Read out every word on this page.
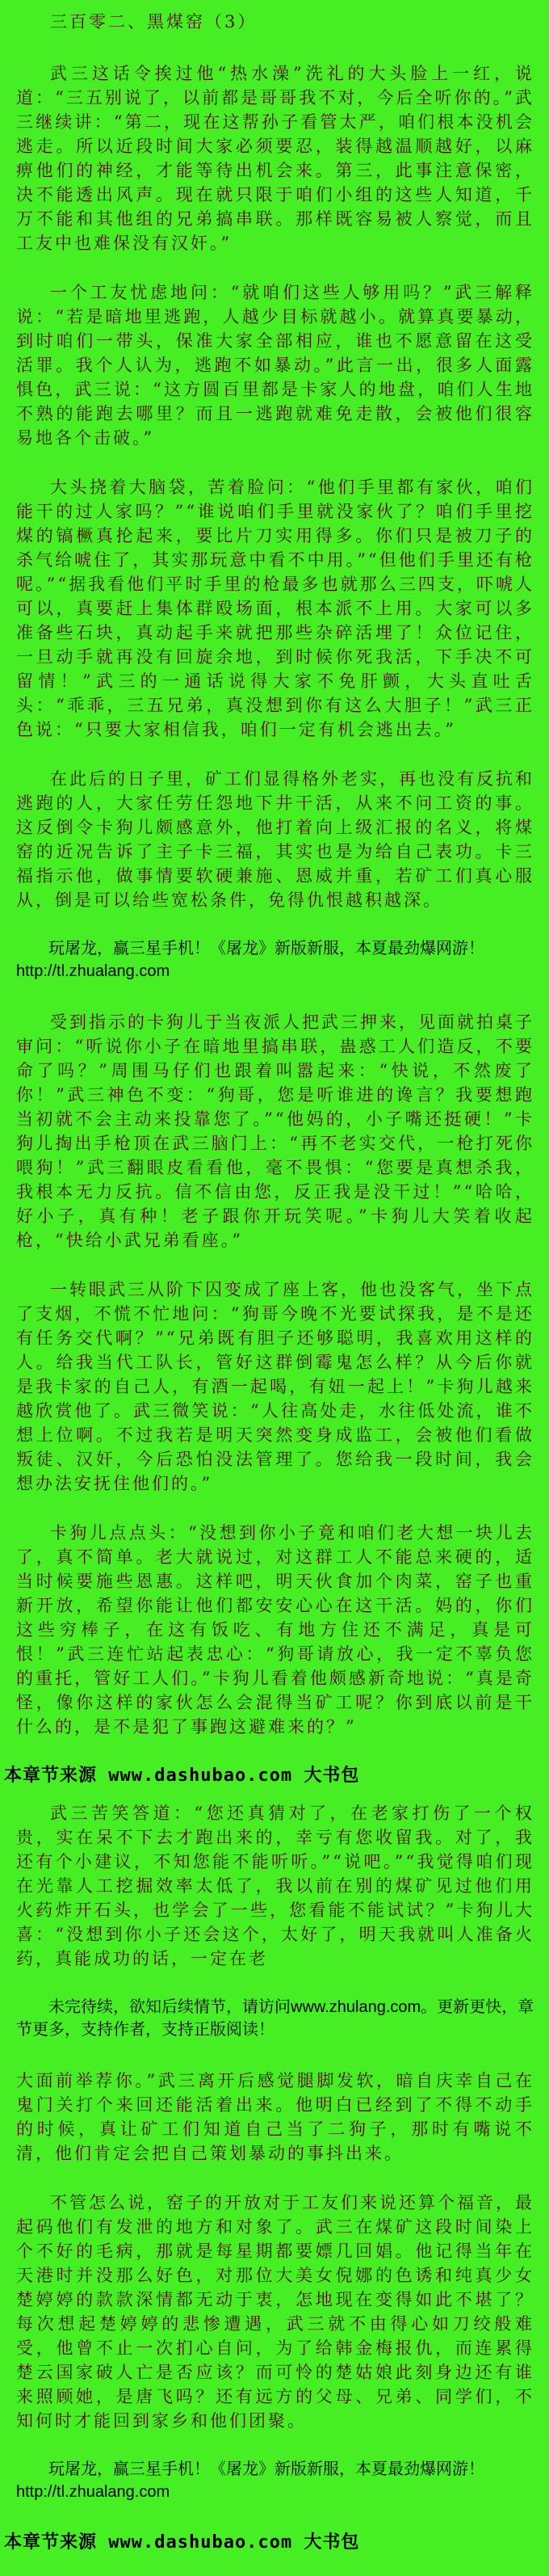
三百零二、黑煤窑（3）

武三这话令挨过他“热水澡”洗礼的大头脸上一红，说道：“三五别说了，以前都是哥哥我不对，今后全听你的。”武三继续讲：“第二，现在这帮孙子看管太严，咱们根本没机会逃走。所以近段时间大家必须要忍，装得越温顺越好，以麻痹他们的神经，才能等待出机会来。第三，此事注意保密，决不能透出风声。现在就只限于咱们小组的这些人知道，千万不能和其他组的兄弟搞串联。那样既容易被人察觉，而且工友中也难保没有汉奸。”

一个工友忧虑地问：“就咱们这些人够用吗？”武三解释说：“若是暗地里逃跑，人越少目标就越小。就算真要暴动，到时咱们一带头，保准大家全部相应，谁也不愿意留在这受活罪。我个人认为，逃跑不如暴动。”此言一出，很多人面露惧色，武三说：“这方圆百里都是卡家人的地盘，咱们人生地不熟的能跑去哪里？而且一逃跑就难免走散，会被他们很容易地各个击破。”

大头挠着大脑袋，苦着脸问：“他们手里都有家伙，咱们能干的过人家吗？”“谁说咱们手里就没家伙了？咱们手里挖煤的镐橛真抡起来，要比片刀实用得多。你们只是被刀子的杀气给唬住了，其实那玩意中看不中用。”“但他们手里还有枪呢。”“据我看他们平时手里的枪最多也就那么三四支，吓唬人可以，真要赶上集体群殴场面，根本派不上用。大家可以多准备些石块，真动起手来就把那些杂碎活埋了！众位记住，一旦动手就再没有回旋余地，到时候你死我活，下手决不可留情！”武三的一通话说得大家不免肝颤，大头直吐舌头：“乖乖，三五兄弟，真没想到你有这么大胆子！”武三正色说：“只要大家相信我，咱们一定有机会逃出去。”

在此后的日子里，矿工们显得格外老实，再也没有反抗和逃跑的人，大家任劳任怨地下井干活，从来不问工资的事。这反倒令卡狗儿颇感意外，他打着向上级汇报的名义，将煤窑的近况告诉了主子卡三福，其实也是为给自己表功。卡三福指示他，做事情要软硬兼施、恩威并重，若矿工们真心服从，倒是可以给些宽松条件，免得仇恨越积越深。

玩屠龙，赢三星手机！《屠龙》新版新服，本夏最劲爆网游！http://tl.zhualang.com

受到指示的卡狗儿于当夜派人把武三押来，见面就拍桌子审问：“听说你小子在暗地里搞串联，蛊惑工人们造反，不要命了吗？”周围马仔们也跟着叫嚣起来：“快说，不然废了你！”武三神色不变：“狗哥，您是听谁进的谗言？我要想跑当初就不会主动来投靠您了。”“他妈的，小子嘴还挺硬！”卡狗儿掏出手枪顶在武三脑门上：“再不老实交代，一枪打死你喂狗！”武三翻眼皮看看他，毫不畏惧：“您要是真想杀我，我根本无力反抗。信不信由您，反正我是没干过！”“哈哈，好小子，真有种！老子跟你开玩笑呢。”卡狗儿大笑着收起枪，“快给小武兄弟看座。”

一转眼武三从阶下囚变成了座上客，他也没客气，坐下点了支烟，不慌不忙地问：“狗哥今晚不光要试探我，是不是还有任务交代啊？”“兄弟既有胆子还够聪明，我喜欢用这样的人。给我当代工队长，管好这群倒霉鬼怎么样？从今后你就是我卡家的自己人，有酒一起喝，有妞一起上！”卡狗儿越来越欣赏他了。武三微笑说：“人往高处走，水往低处流，谁不想上位啊。不过我若是明天突然变身成监工，会被他们看做叛徒、汉奸，今后恐怕没法管理了。您给我一段时间，我会想办法安抚住他们的。”

卡狗儿点点头：“没想到你小子竟和咱们老大想一块儿去了，真不简单。老大就说过，对这群工人不能总来硬的，适当时候要施些恩惠。这样吧，明天伙食加个肉菜，窑子也重新开放，希望你能让他们都安安心心在这干活。妈的，你们这些穷棒子，在这有饭吃、有地方住还不满足，真是可恨！”武三连忙站起表忠心：“狗哥请放心，我一定不辜负您的重托，管好工人们。”卡狗儿看着他颇感新奇地说：“真是奇怪，像你这样的家伙怎么会混得当矿工呢？你到底以前是干什么的，是不是犯了事跑这避难来的？”

本章节来源 www.dashubao.com 大书包

武三苦笑答道：“您还真猜对了，在老家打伤了一个权贵，实在呆不下去才跑出来的，幸亏有您收留我。对了，我还有个小建议，不知您能不能听听。”“说吧。”“我觉得咱们现在光靠人工挖掘效率太低了，我以前在别的煤矿见过他们用火药炸开石头，也学会了一些，您看能不能试试？”卡狗儿大喜：“没想到你小子还会这个，太好了，明天我就叫人准备火药，真能成功的话，一定在老

未完待续，欲知后续情节，请访问www.zhulang.com。更新更快，章节更多，支持作者，支持正版阅读！

大面前举荐你。”武三离开后感觉腿脚发软，暗自庆幸自己在鬼门关打个来回还能活着出来。他明白已经到了不得不动手的时候，真让矿工们知道自己当了二狗子，那时有嘴说不清，他们肯定会把自己策划暴动的事抖出来。

不管怎么说，窑子的开放对于工友们来说还算个福音，最起码他们有发泄的地方和对象了。武三在煤矿这段时间染上个不好的毛病，那就是每星期都要嫖几回娼。他记得当年在天港时并没那么好色，对那位大美女倪娜的色诱和纯真少女楚婷婷的款款深情都无动于衷，怎地现在变得如此不堪了？每次想起楚婷婷的悲惨遭遇，武三就不由得心如刀绞般难受，他曾不止一次扪心自问，为了给韩金梅报仇，而连累得楚云国家破人亡是否应该？而可怜的楚姑娘此刻身边还有谁来照顾她，是唐飞吗？还有远方的父母、兄弟、同学们，不知何时才能回到家乡和他们团聚。

玩屠龙，赢三星手机！《屠龙》新版新服，本夏最劲爆网游！http://tl.zhualang.com

本章节来源 www.dashubao.com 大书包
